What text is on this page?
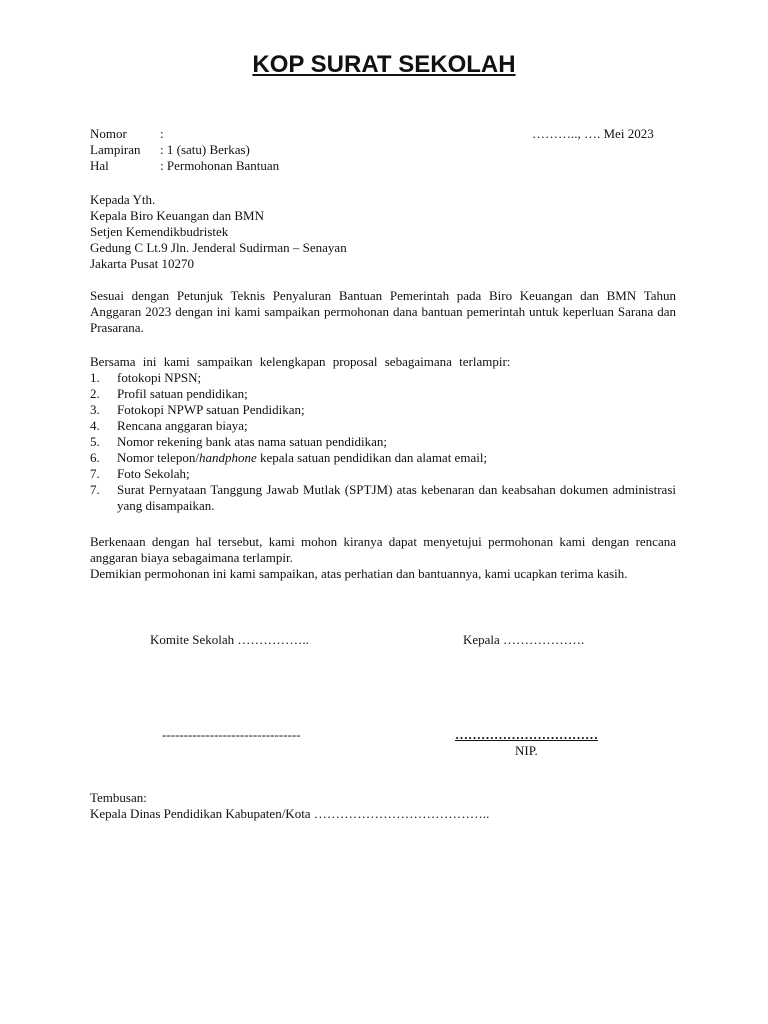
KOP SURAT SEKOLAH
Nomor	:	……….., …. Mei 2023
Lampiran : 1 (satu) Berkas)
Hal	: Permohonan Bantuan
Kepada Yth.
Kepala Biro Keuangan dan BMN
Setjen Kemendikbudristek
Gedung C Lt.9 Jln. Jenderal Sudirman – Senayan
Jakarta Pusat 10270
Sesuai dengan Petunjuk Teknis Penyaluran Bantuan Pemerintah pada Biro Keuangan dan BMN Tahun Anggaran 2023 dengan ini kami sampaikan permohonan dana bantuan pemerintah untuk keperluan Sarana dan Prasarana.
Bersama ini kami sampaikan kelengkapan proposal sebagaimana terlampir:
1. fotokopi NPSN;
2. Profil satuan pendidikan;
3. Fotokopi NPWP satuan Pendidikan;
4. Rencana anggaran biaya;
5. Nomor rekening bank atas nama satuan pendidikan;
6. Nomor telepon/handphone kepala satuan pendidikan dan alamat email;
7. Foto Sekolah;
7. Surat Pernyataan Tanggung Jawab Mutlak (SPTJM) atas kebenaran dan keabsahan dokumen administrasi yang disampaikan.
Berkenaan dengan hal tersebut, kami mohon kiranya dapat menyetujui permohonan kami dengan rencana anggaran biaya sebagaimana terlampir.
Demikian permohonan ini kami sampaikan, atas perhatian dan bantuannya, kami ucapkan terima kasih.
Komite Sekolah ……………..	Kepala ……………….
--------------------------------	……………………………
NIP.
Tembusan:
Kepala Dinas Pendidikan Kabupaten/Kota …………………………………..
